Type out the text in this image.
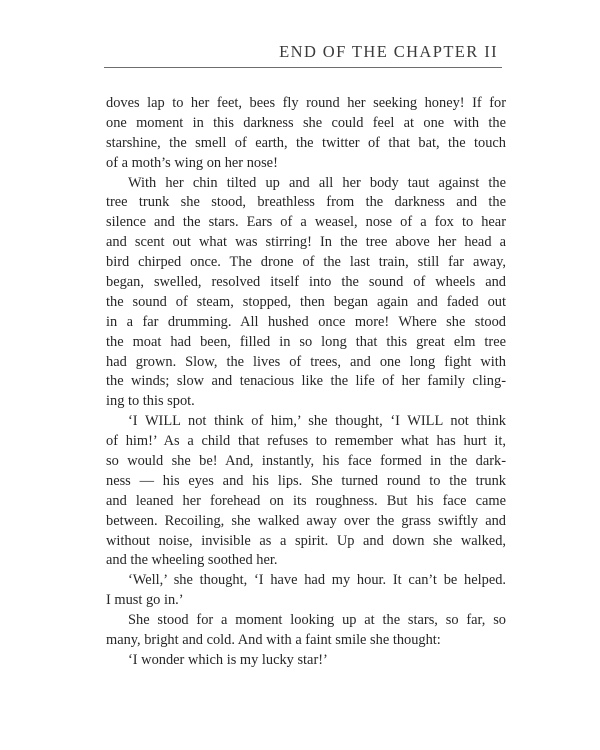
END OF THE CHAPTER II
doves lap to her feet, bees fly round her seeking honey! If for
one moment in this darkness she could feel at one with the
starshine, the smell of earth, the twitter of that bat, the touch
of a moth’s wing on her nose!
With her chin tilted up and all her body taut against the
tree trunk she stood, breathless from the darkness and the
silence and the stars. Ears of a weasel, nose of a fox to hear
and scent out what was stirring! In the tree above her head a
bird chirped once. The drone of the last train, still far away,
began, swelled, resolved itself into the sound of wheels and
the sound of steam, stopped, then began again and faded out
in a far drumming. All hushed once more! Where she stood
the moat had been, filled in so long that this great elm tree
had grown. Slow, the lives of trees, and one long fight with
the winds; slow and tenacious like the life of her family cling-
ing to this spot.
‘I WILL not think of him,’ she thought, ‘I WILL not think
of him!’ As a child that refuses to remember what has hurt it,
so would she be! And, instantly, his face formed in the dark-
ness — his eyes and his lips. She turned round to the trunk
and leaned her forehead on its roughness. But his face came
between. Recoiling, she walked away over the grass swiftly and
without noise, invisible as a spirit. Up and down she walked,
and the wheeling soothed her.
‘Well,’ she thought, ‘I have had my hour. It can’t be helped.
I must go in.’
She stood for a moment looking up at the stars, so far, so
many, bright and cold. And with a faint smile she thought:
‘I wonder which is my lucky star!’
